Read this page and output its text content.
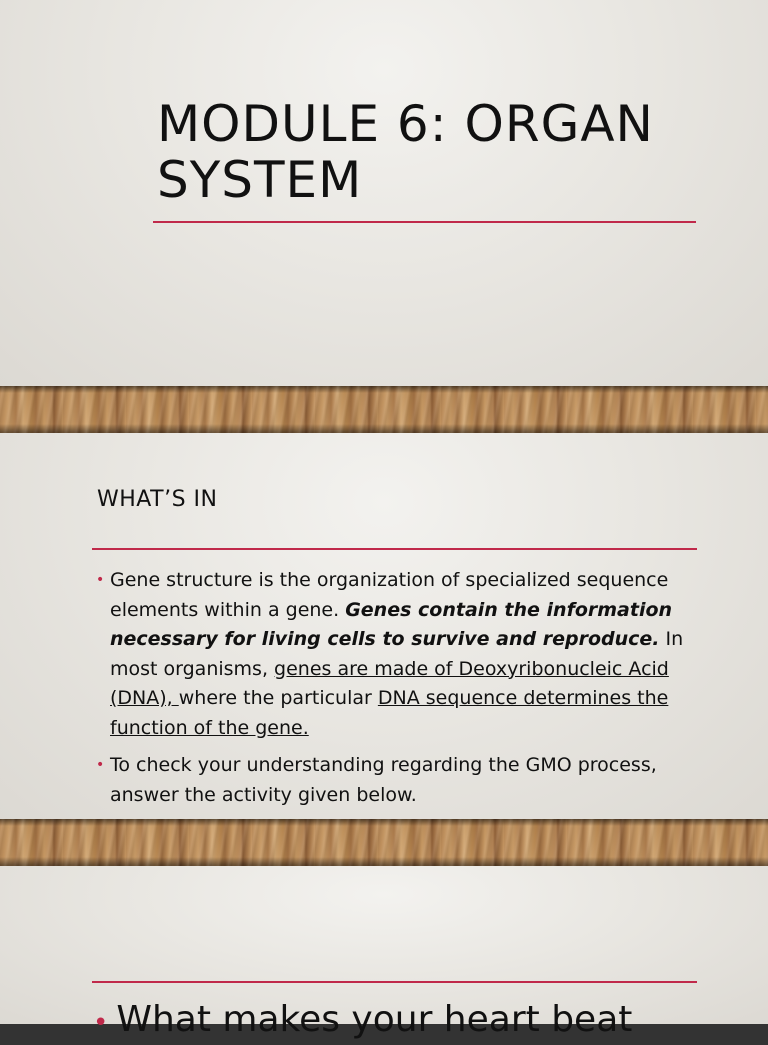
MODULE 6: ORGAN
SYSTEM
WHAT’S IN
• Gene structure is the organization of specialized sequence elements within a gene. Genes contain the information necessary for living cells to survive and reproduce. In most organisms, genes are made of Deoxyribonucleic Acid (DNA), where the particular DNA sequence determines the function of the gene.
• To check your understanding regarding the GMO process, answer the activity given below.

• What makes your heart beat
